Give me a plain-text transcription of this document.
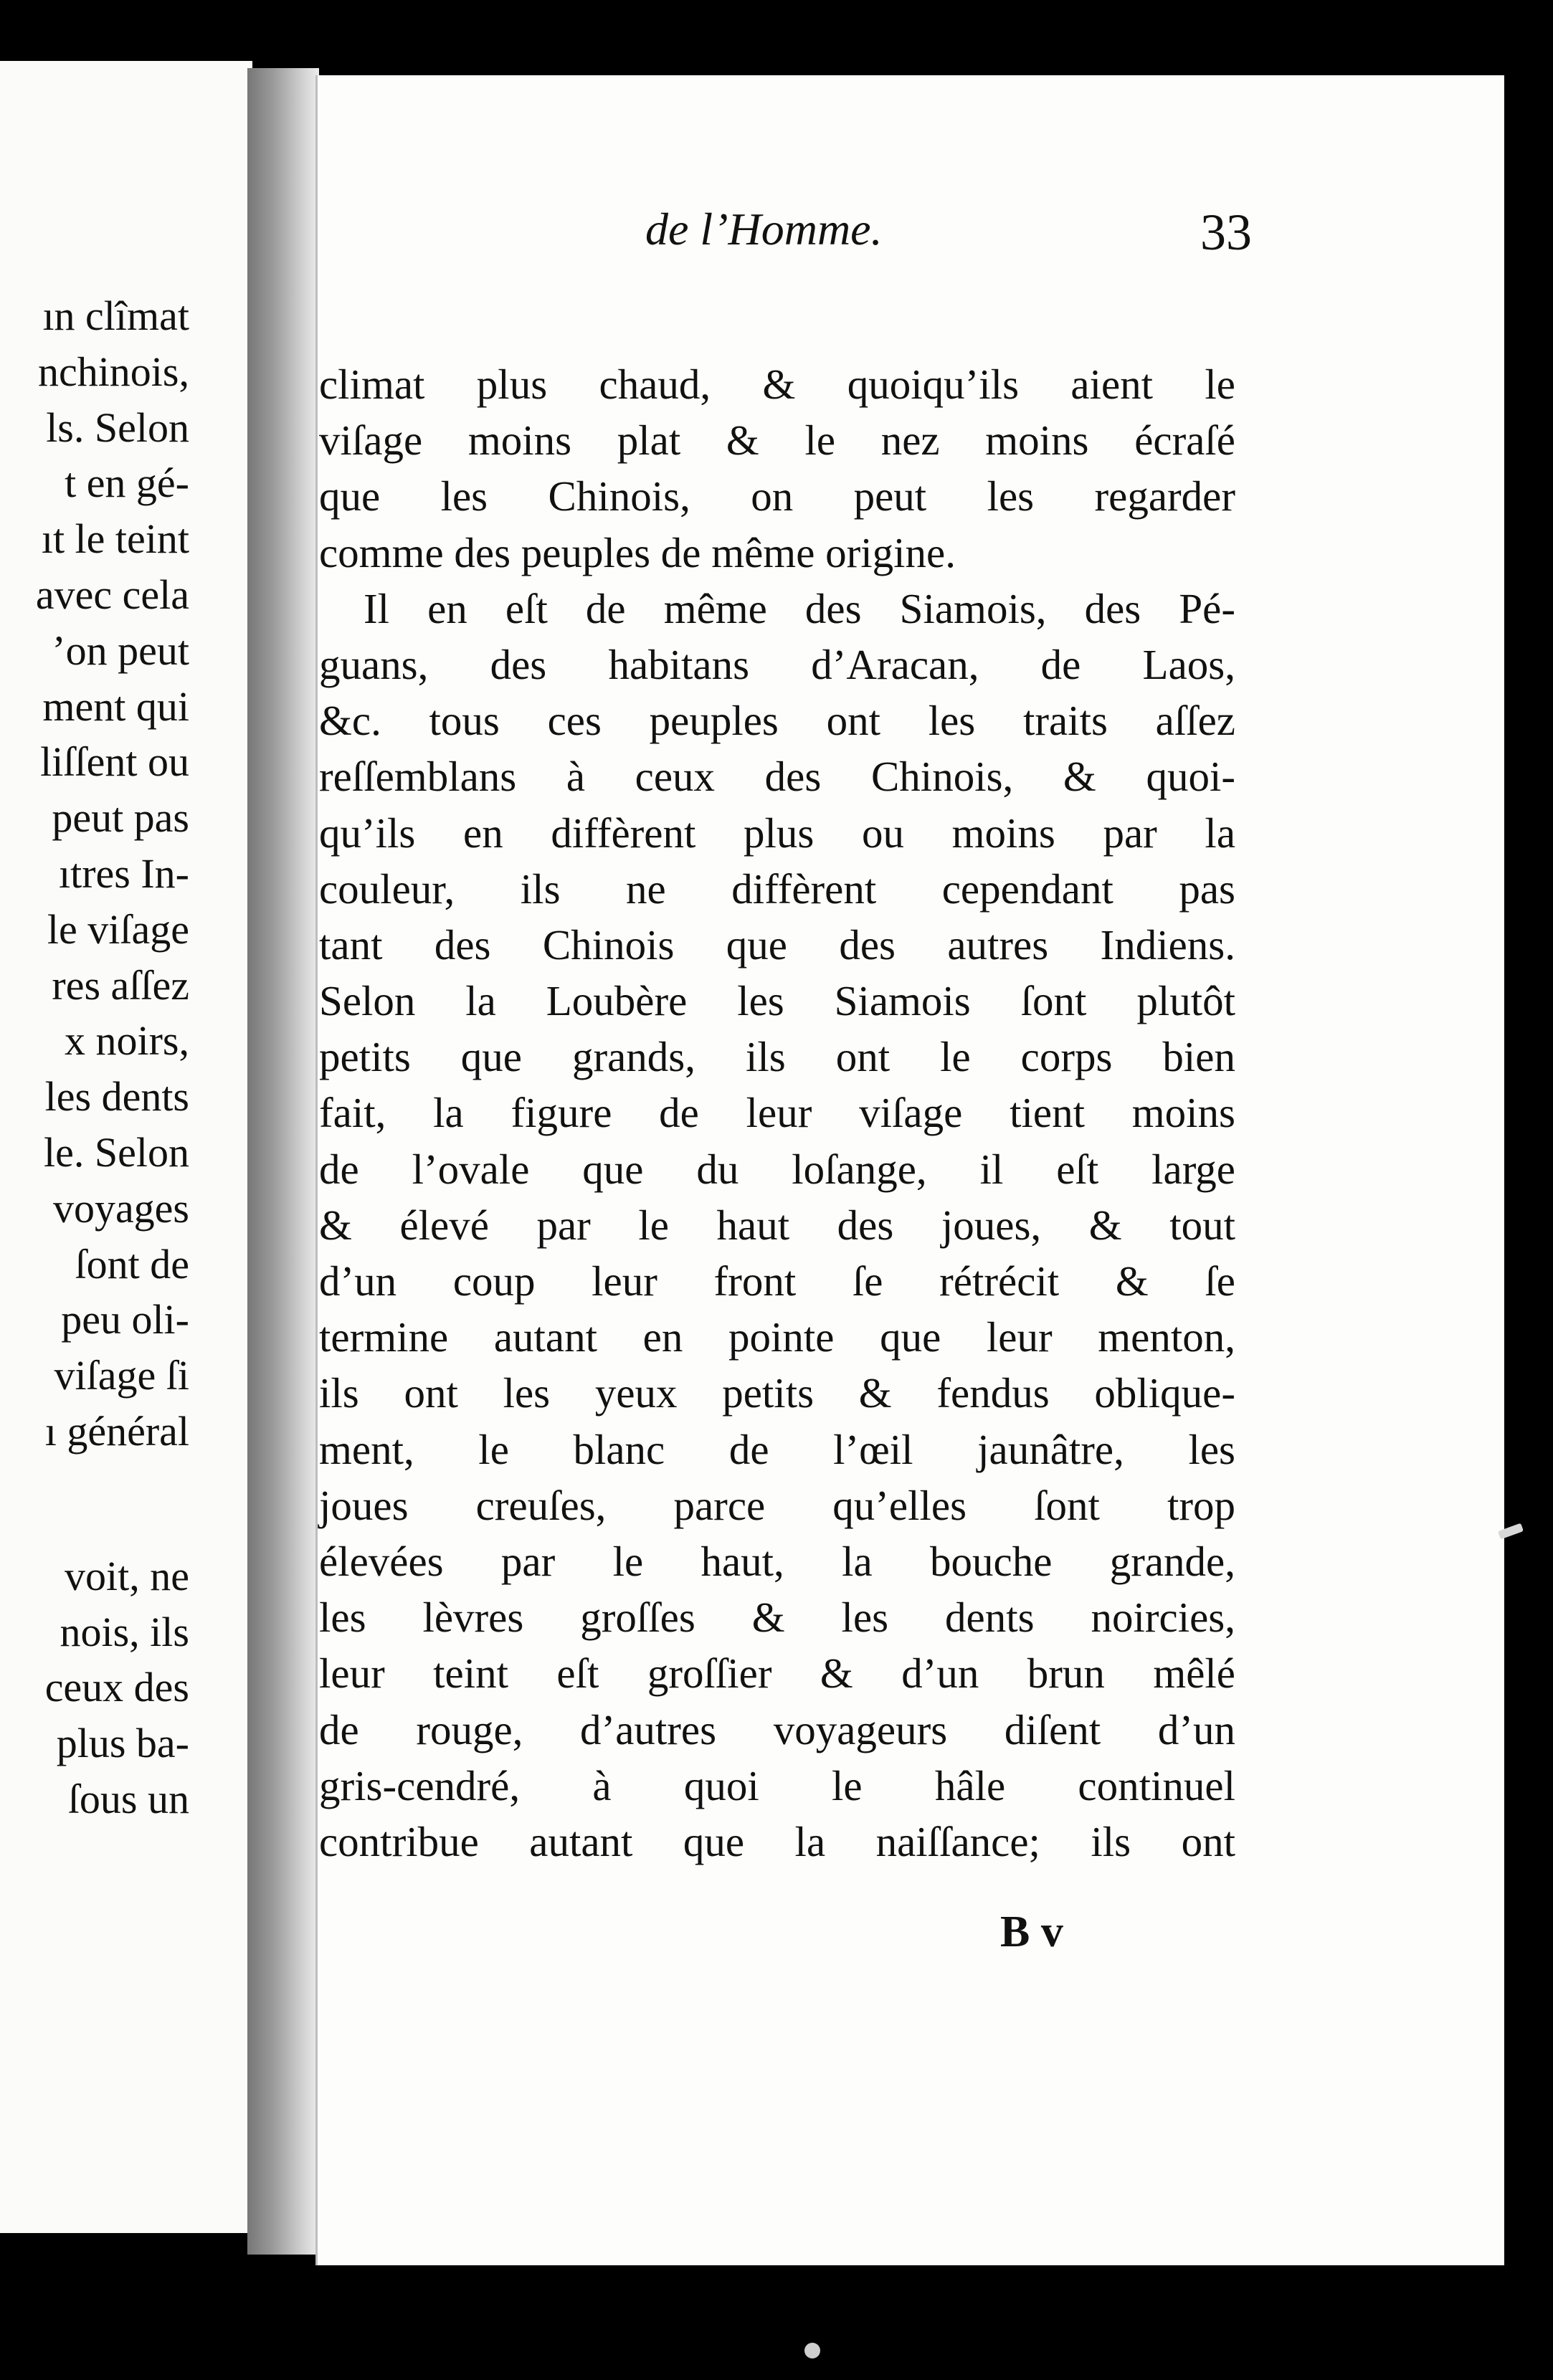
ın clîmat
nchinois,
ls. Selon
t en gé-
ıt le teint
avec cela
’on peut
ment qui
liſſent ou
peut pas
ıtres In-
le viſage
res aſſez
x noirs,
les dents
le. Selon
voyages
ſont de
peu oli-
viſage ſi
ı général
voit, ne
nois, ils
ceux des
plus ba-
ſous un
de l’Homme.	33
climat plus chaud, & quoiqu’ils aient le
viſage moins plat & le nez moins écraſé
que les Chinois, on peut les regarder
comme des peuples de même origine.
Il en eſt de même des Siamois, des Pé-
guans, des habitans d’Aracan, de Laos,
&c. tous ces peuples ont les traits aſſez
reſſemblans à ceux des Chinois, & quoi-
qu’ils en diffèrent plus ou moins par la
couleur, ils ne diffèrent cependant pas
tant des Chinois que des autres Indiens.
Selon la Loubère les Siamois ſont plutôt
petits que grands, ils ont le corps bien
fait, la figure de leur viſage tient moins
de l’ovale que du loſange, il eſt large
& élevé par le haut des joues, & tout
d’un coup leur front ſe rétrécit & ſe
termine autant en pointe que leur menton,
ils ont les yeux petits & fendus oblique-
ment, le blanc de l’œil jaunâtre, les
joues creuſes, parce qu’elles ſont trop
élevées par le haut, la bouche grande,
les lèvres groſſes & les dents noircies,
leur teint eſt groſſier & d’un brun mêlé
de rouge, d’autres voyageurs diſent d’un
gris-cendré, à quoi le hâle continuel
contribue autant que la naiſſance; ils ont
B v
